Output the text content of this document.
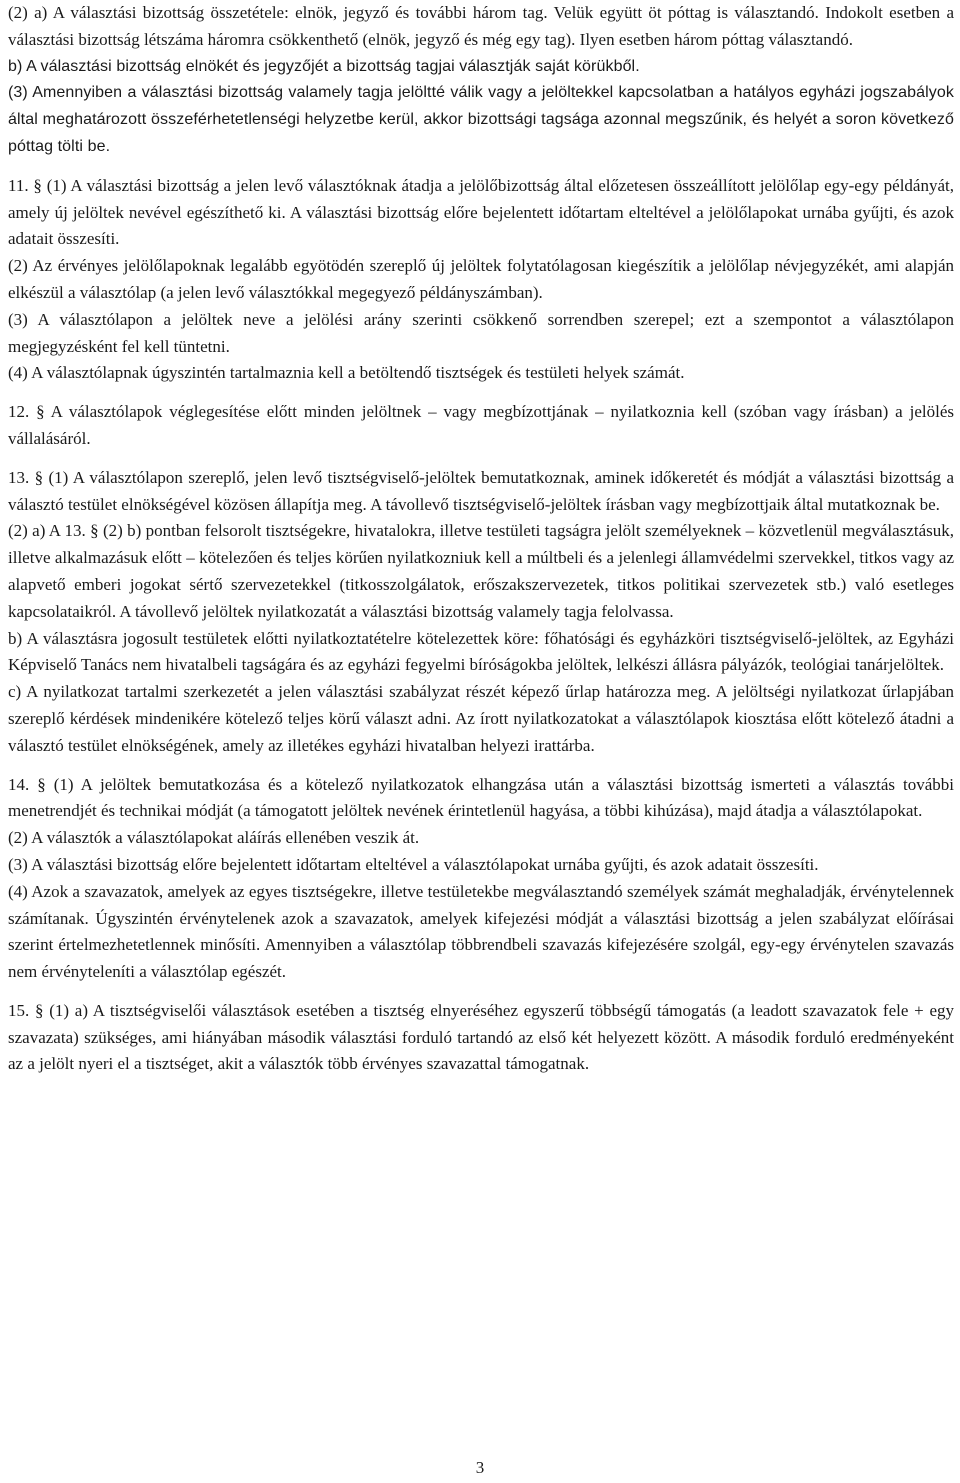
(2) a) A választási bizottság összetétele: elnök, jegyző és további három tag. Velük együtt öt póttag is választandó. Indokolt esetben a választási bizottság létszáma háromra csökkenthető (elnök, jegyző és még egy tag). Ilyen esetben három póttag választandó.

b) A választási bizottság elnökét és jegyzőjét a bizottság tagjai választják saját körükből.

(3) Amennyiben a választási bizottság valamely tagja jelöltté válik vagy a jelöltekkel kapcsolatban a hatályos egyházi jogszabályok által meghatározott összeférhetetlenségi helyzetbe kerül, akkor bizottsági tagsága azonnal megszűnik, és helyét a soron következő póttag tölti be.

11. § (1) A választási bizottság a jelen levő választóknak átadja a jelölőbizottság által előzetesen összeállított jelölőlap egy-egy példányát, amely új jelöltek nevével egészíthető ki. A választási bizottság előre bejelentett időtartam elteltével a jelölőlapokat urnába gyűjti, és azok adatait összesíti.

(2) Az érvényes jelölőlapoknak legalább egyötödén szereplő új jelöltek folytatólagosan kiegészítik a jelölőlap névjegyzékét, ami alapján elkészül a választólap (a jelen levő választókkal megegyező példányszámban).

(3) A választólapon a jelöltek neve a jelölési arány szerinti csökkenő sorrendben szerepel; ezt a szempontot a választólapon megjegyzésként fel kell tüntetni.

(4) A választólapnak úgyszintén tartalmaznia kell a betöltendő tisztségek és testületi helyek számát.

12. § A választólapok véglegesítése előtt minden jelöltnek – vagy megbízottjának – nyilatkoznia kell (szóban vagy írásban) a jelölés vállalásáról.

13. § (1) A választólapon szereplő, jelen levő tisztségviselő-jelöltek bemutatkoznak, aminek időkeretét és módját a választási bizottság a választó testület elnökségével közösen állapítja meg. A távollevő tisztségviselő-jelöltek írásban vagy megbízottjaik által mutatkoznak be.

(2) a) A 13. § (2) b) pontban felsorolt tisztségekre, hivatalokra, illetve testületi tagságra jelölt személyeknek – közvetlenül megválasztásuk, illetve alkalmazásuk előtt – kötelezően és teljes körűen nyilatkozniuk kell a múltbeli és a jelenlegi államvédelmi szervekkel, titkos vagy az alapvető emberi jogokat sértő szervezetekkel (titkosszolgálatok, erőszakszervezetek, titkos politikai szervezetek stb.) való esetleges kapcsolataikról. A távollevő jelöltek nyilatkozatát a választási bizottság valamely tagja felolvassa.

b) A választásra jogosult testületek előtti nyilatkoztatételre kötelezettek köre: főhatósági és egyházköri tisztségviselő-jelöltek, az Egyházi Képviselő Tanács nem hivatalbeli tagságára és az egyházi fegyelmi bíróságokba jelöltek, lelkészi állásra pályázók, teológiai tanárjelöltek.

c) A nyilatkozat tartalmi szerkezetét a jelen választási szabályzat részét képező űrlap határozza meg. A jelöltségi nyilatkozat űrlapjában szereplő kérdések mindenikére kötelező teljes körű választ adni. Az írott nyilatkozatokat a választólapok kiosztása előtt kötelező átadni a választó testület elnökségének, amely az illetékes egyházi hivatalban helyezi irattárba.

14. § (1) A jelöltek bemutatkozása és a kötelező nyilatkozatok elhangzása után a választási bizottság ismerteti a választás további menetrendjét és technikai módját (a támogatott jelöltek nevének érintetlenül hagyása, a többi kihúzása), majd átadja a választólapokat.

(2) A választók a választólapokat aláírás ellenében veszik át.

(3) A választási bizottság előre bejelentett időtartam elteltével a választólapokat urnába gyűjti, és azok adatait összesíti.

(4) Azok a szavazatok, amelyek az egyes tisztségekre, illetve testületekbe megválasztandó személyek számát meghaladják, érvénytelennek számítanak. Úgyszintén érvénytelenek azok a szavazatok, amelyek kifejezési módját a választási bizottság a jelen szabályzat előírásai szerint értelmezhetetlennek minősíti. Amennyiben a választólap többrendbeli szavazás kifejezésére szolgál, egy-egy érvénytelen szavazás nem érvényteleníti a választólap egészét.

15. § (1) a) A tisztségviselői választások esetében a tisztség elnyeréséhez egyszerű többségű támogatás (a leadott szavazatok fele + egy szavazata) szükséges, ami hiányában második választási forduló tartandó az első két helyezett között. A második forduló eredményeként az a jelölt nyeri el a tisztséget, akit a választók több érvényes szavazattal támogatnak.

3
